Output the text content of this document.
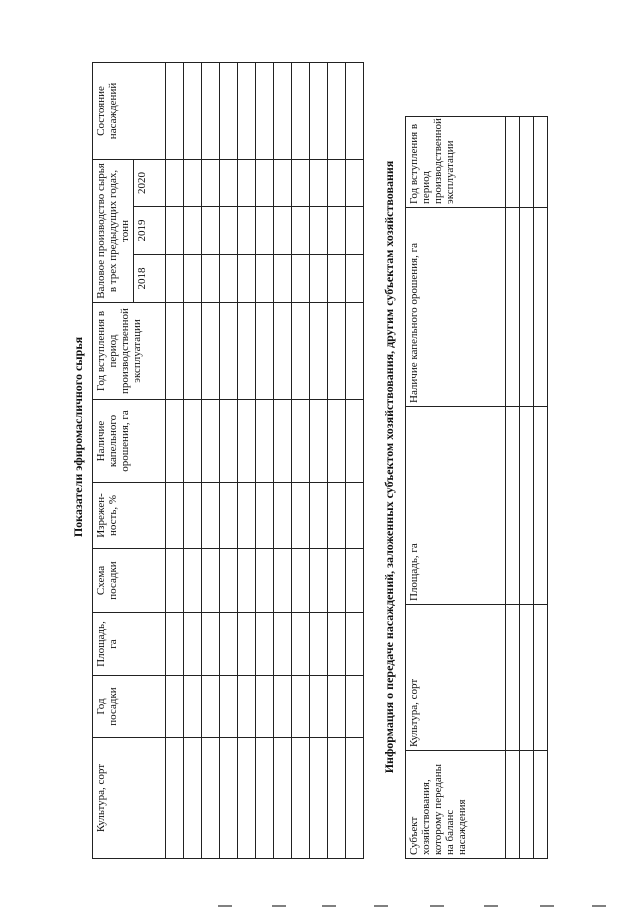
Показатели эфиромасличного сырья
Культура, сорт	Год посадки	Площадь, га	Схема посадки	Изрежен-ность, %	Наличие капельного орошения, га	Год вступления в период производственной эксплуатации	Валовое производство сырья в трех предыдущих годах, тонн			Состояние насаждений
							2018	2019	2020	

											Информация о передаче насаждений, заложенных субъектом хозяйствования, другим субъектам хозяйствования
Субъект хозяйствования, которому переданы на баланс насаждения	Культура, сорт	Площадь, га	Наличие капельного орошения, га	Год вступления в период производственной эксплуатации
